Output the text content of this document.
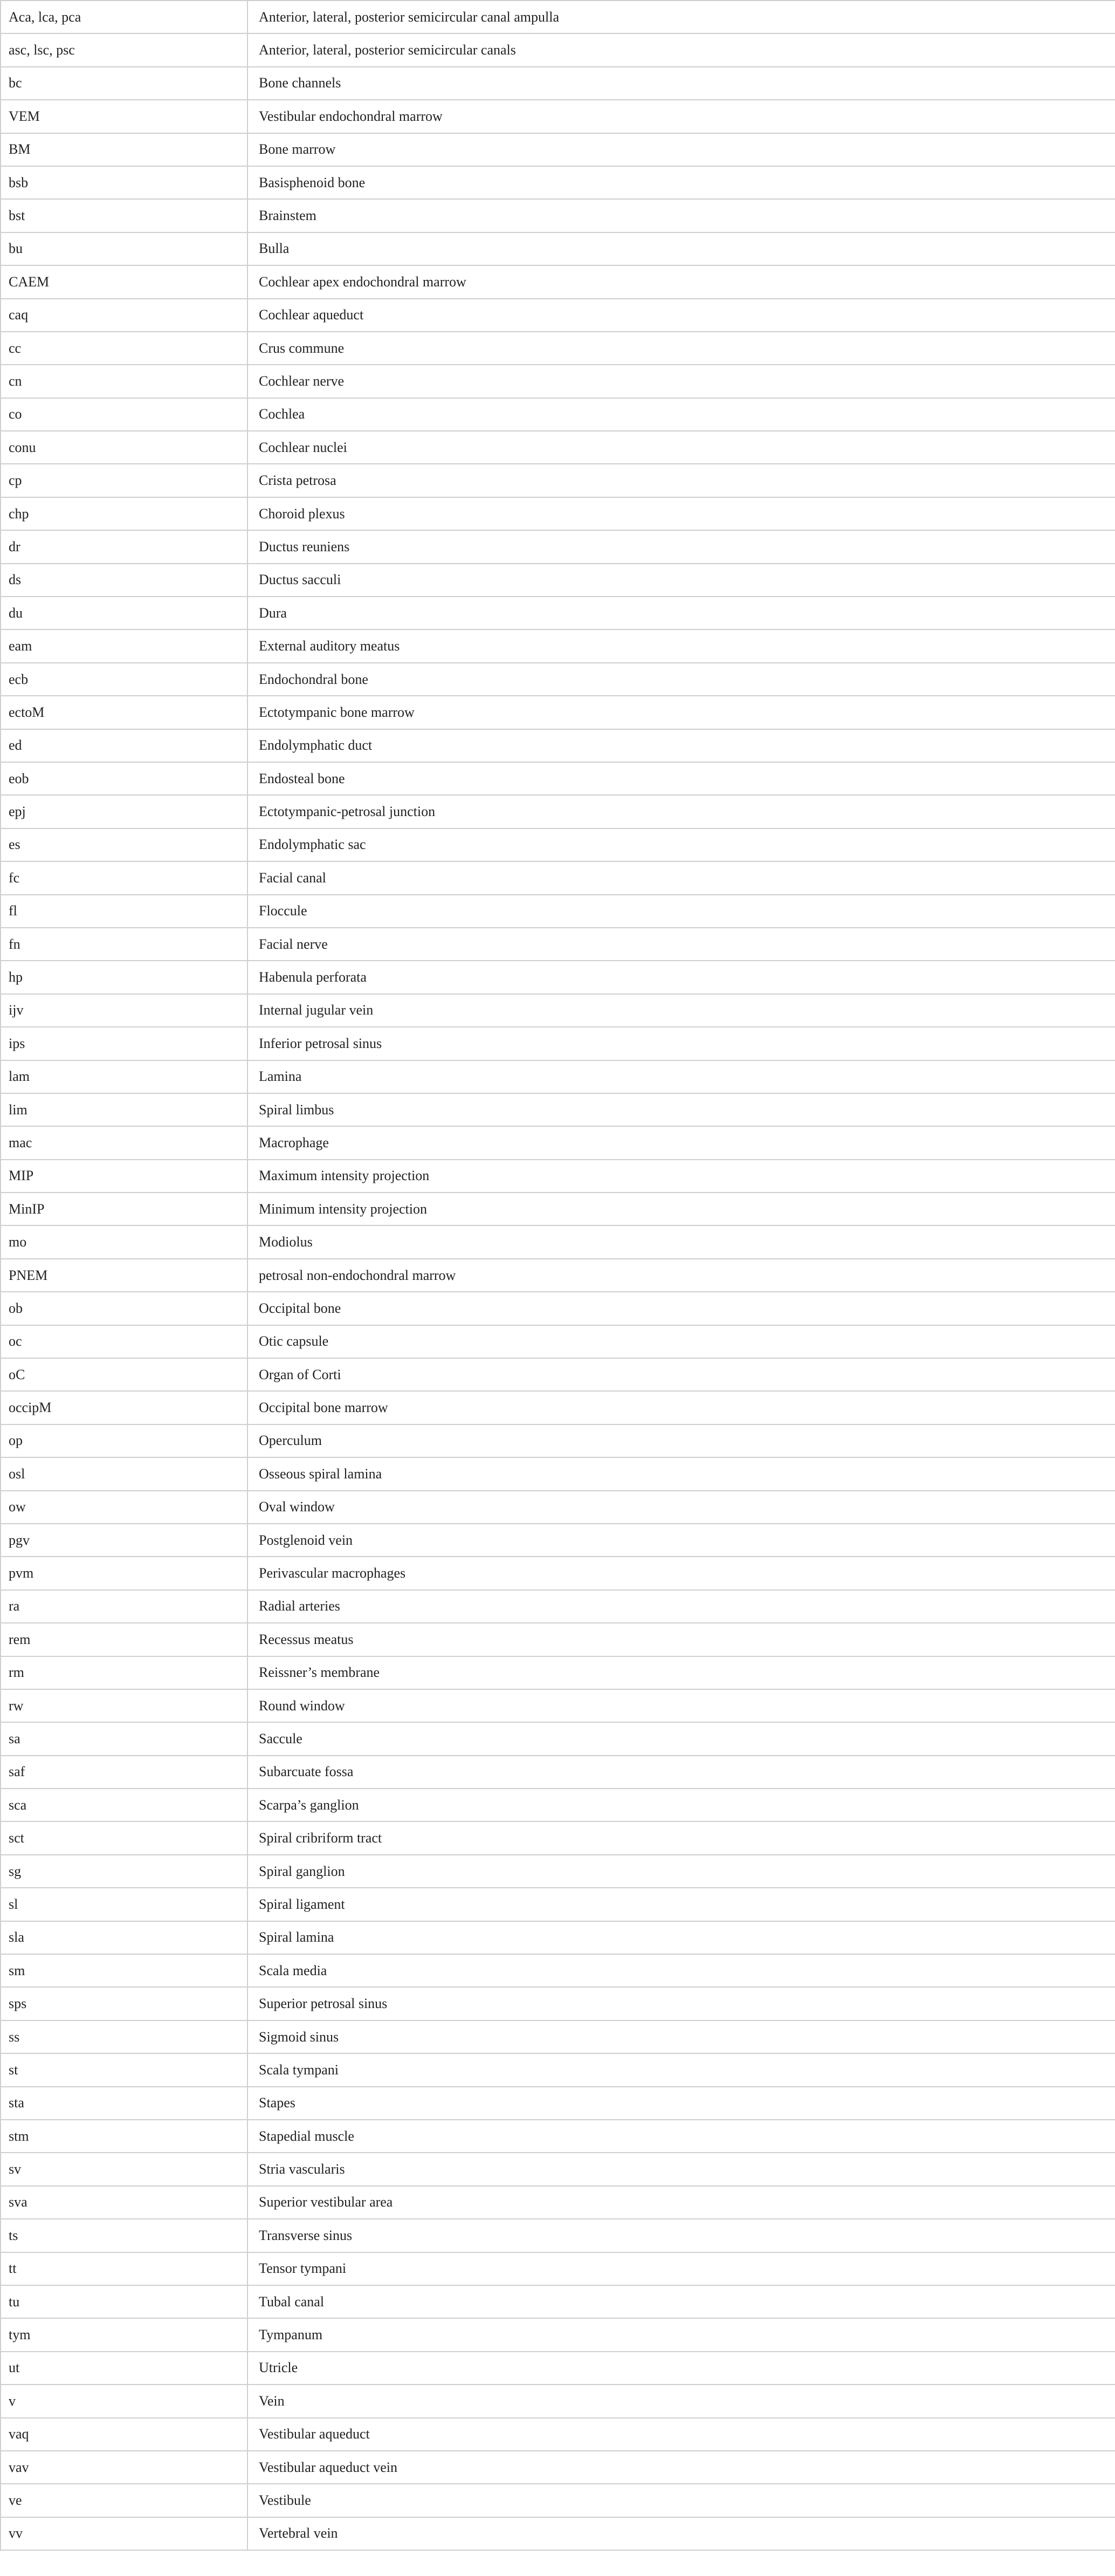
Aca, lca, pca	Anterior, lateral, posterior semicircular canal ampulla
asc, lsc, psc	Anterior, lateral, posterior semicircular canals
bc	Bone channels
VEM	Vestibular endochondral marrow
BM	Bone marrow
bsb	Basisphenoid bone
bst	Brainstem
bu	Bulla
CAEM	Cochlear apex endochondral marrow
caq	Cochlear aqueduct
cc	Crus commune
cn	Cochlear nerve
co	Cochlea
conu	Cochlear nuclei
cp	Crista petrosa
chp	Choroid plexus
dr	Ductus reuniens
ds	Ductus sacculi
du	Dura
eam	External auditory meatus
ecb	Endochondral bone
ectoM	Ectotympanic bone marrow
ed	Endolymphatic duct
eob	Endosteal bone
epj	Ectotympanic-petrosal junction
es	Endolymphatic sac
fc	Facial canal
fl	Floccule
fn	Facial nerve
hp	Habenula perforata
ijv	Internal jugular vein
ips	Inferior petrosal sinus
lam	Lamina
lim	Spiral limbus
mac	Macrophage
MIP	Maximum intensity projection
MinIP	Minimum intensity projection
mo	Modiolus
PNEM	petrosal non-endochondral marrow
ob	Occipital bone
oc	Otic capsule
oC	Organ of Corti
occipM	Occipital bone marrow
op	Operculum
osl	Osseous spiral lamina
ow	Oval window
pgv	Postglenoid vein
pvm	Perivascular macrophages
ra	Radial arteries
rem	Recessus meatus
rm	Reissner’s membrane
rw	Round window
sa	Saccule
saf	Subarcuate fossa
sca	Scarpa’s ganglion
sct	Spiral cribriform tract
sg	Spiral ganglion
sl	Spiral ligament
sla	Spiral lamina
sm	Scala media
sps	Superior petrosal sinus
ss	Sigmoid sinus
st	Scala tympani
sta	Stapes
stm	Stapedial muscle
sv	Stria vascularis
sva	Superior vestibular area
ts	Transverse sinus
tt	Tensor tympani
tu	Tubal canal
tym	Tympanum
ut	Utricle
v	Vein
vaq	Vestibular aqueduct
vav	Vestibular aqueduct vein
ve	Vestibule
vv	Vertebral vein
